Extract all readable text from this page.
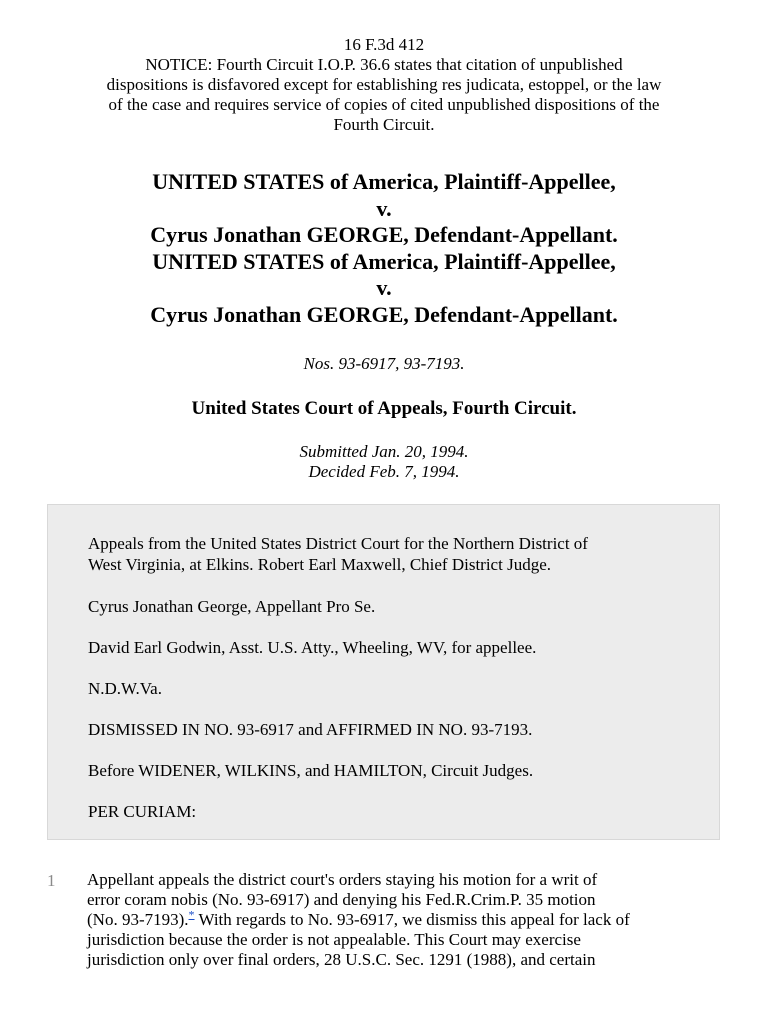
16 F.3d 412
NOTICE: Fourth Circuit I.O.P. 36.6 states that citation of unpublished
dispositions is disfavored except for establishing res judicata, estoppel, or the law
of the case and requires service of copies of cited unpublished dispositions of the
Fourth Circuit.
UNITED STATES of America, Plaintiff-Appellee,
v.
Cyrus Jonathan GEORGE, Defendant-Appellant.
UNITED STATES of America, Plaintiff-Appellee,
v.
Cyrus Jonathan GEORGE, Defendant-Appellant.
Nos. 93-6917, 93-7193.
United States Court of Appeals, Fourth Circuit.
Submitted Jan. 20, 1994.
Decided Feb. 7, 1994.
Appeals from the United States District Court for the Northern District of
West Virginia, at Elkins. Robert Earl Maxwell, Chief District Judge.
Cyrus Jonathan George, Appellant Pro Se.
David Earl Godwin, Asst. U.S. Atty., Wheeling, WV, for appellee.
N.D.W.Va.
DISMISSED IN NO. 93-6917 and AFFIRMED IN NO. 93-7193.
Before WIDENER, WILKINS, and HAMILTON, Circuit Judges.
PER CURIAM:
1 Appellant appeals the district court's orders staying his motion for a writ of
error coram nobis (No. 93-6917) and denying his Fed.R.Crim.P. 35 motion
(No. 93-7193).* With regards to No. 93-6917, we dismiss this appeal for lack of
jurisdiction because the order is not appealable. This Court may exercise
jurisdiction only over final orders, 28 U.S.C. Sec. 1291 (1988), and certain
